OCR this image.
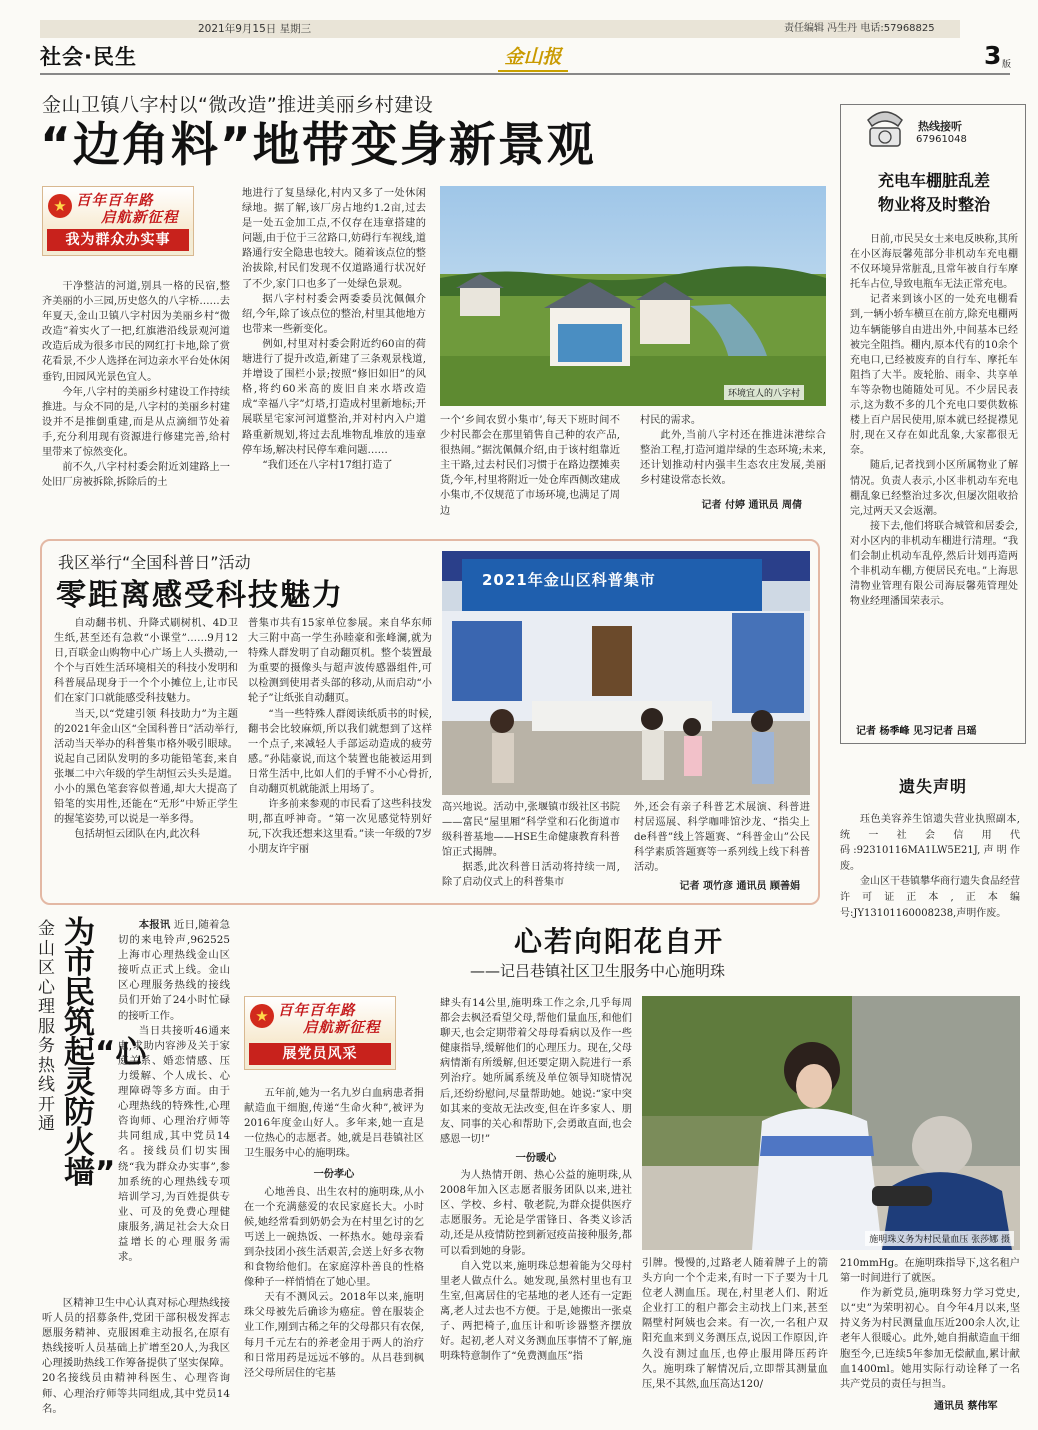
2021年9月15日 星期三	责任编辑 冯生丹 电话:57968825
社会·民生	金山报	3 版
金山卫镇八字村以“微改造”推进美丽乡村建设
“边角料”地带变身新景观
★ 百年百年路
启航新征程
我为群众办实事

干净整洁的河道,别具一格的民宿,整齐美丽的小三园,历史悠久的八字桥……去年夏天,金山卫镇八字村因为美丽乡村“微改造”着实火了一把,红旗港沿线景观河道改造后成为很多市民的网红打卡地,除了赏花看景,不少人选择在河边亲水平台处休闲垂钓,田园风光景色宜人。

今年,八字村的美丽乡村建设工作持续推进。与众不同的是,八字村的美丽乡村建设并不是推倒重建,而是从点滴细节处着手,充分利用现有资源进行修建完善,给村里带来了惊然变化。

前不久,八字村村委会附近刘建路上一处旧厂房被拆除,拆除后的土

地进行了复垦绿化,村内又多了一处休闲绿地。据了解,该厂房占地约1.2亩,过去是一处五金加工点,不仅存在违章搭建的问题,由于位于三岔路口,妨碍行车视线,道路通行安全隐患也较大。随着该点位的整治拔除,村民们发现不仅道路通行状况好了不少,家门口也多了一处绿色景观。

据八字村村委会两委委员沈佩佩介绍,今年,除了该点位的整治,村里其他地方也带来一些新变化。

例如,村里对村委会附近约60亩的荷塘进行了提升改造,新建了三条观景栈道,并增设了围栏小景;按照“修旧如旧”的风格,将约60米高的废旧自来水塔改造成“幸福八字”灯塔,打造成村里新地标;开展联星宅家河河道整治,并对村内入户道路重新规划,将过去乱堆物乱堆放的违章停车场,解决村民停车难问题……

“我们还在八字村17组打造了

环境宜人的八字村

一个‘乡间农贸小集市’,每天下班时间不少村民都会在那里销售自己种的农产品,很热闹。”据沈佩佩介绍,由于该村组靠近主干路,过去村民们习惯于在路边摆摊卖货,今年,村里将附近一处仓库西侧改建成小集市,不仅规范了市场环境,也满足了周边

村民的需求。

此外,当前八字村还在推进沫港综合整治工程,打造河道岸绿的生态环境;未来,还计划推动村内强丰生态农庄发展,美丽乡村建设常态长效。

记者 付婷 通讯员 周倩

热线接听
67961048
充电车棚脏乱差
物业将及时整治

日前,市民吴女士来电反映称,其所在小区海辰馨苑部分非机动车充电棚不仅环境异常脏乱,且常年被自行车摩托车占位,导致电瓶车无法正常充电。

记者来到该小区的一处充电棚看到,一辆小轿车横亘在前方,除充电棚两边车辆能够自由进出外,中间基本已经被完全阻挡。棚内,原本代有的10余个充电口,已经被废弃的自行车、摩托车阻挡了大半。废轮胎、雨伞、共享单车等杂物也随随处可见。不少居民表示,这为数不多的几个充电口要供数栋楼上百户居民使用,原本就已经捉襟见肘,现在又存在如此乱象,大家都很无奈。

随后,记者找到小区所属物业了解情况。负责人表示,小区非机动车充电棚乱象已经整治过多次,但屡次阻收拾完,过两天又会返潮。

接下去,他们将联合城管和居委会,对小区内的非机动车棚进行清理。“我们会制止机动车乱停,然后计划再造两个非机动车棚,方便居民充电。”上海思清物业管理有限公司海辰馨苑管理处物业经理潘国荣表示。

记者 杨季峰 见习记者 吕瑶
遗失声明

珏色美容养生馆遗失营业执照副本,统一社会信用代码:92310116MA1LW5E21J,声明作废。

金山区干巷镇攀华商行遗失食品经营许可证正本,正本编号:JY13101160008238,声明作废。

我区举行“全国科普日”活动
零距离感受科技魅力	2021年金山区科普集市

自动翻书机、升降式刷树机、4D卫生纸,甚至还有急救“小课堂”……9月12日,百联金山购物中心广场上人头攒动,一个个与百姓生活环境相关的科技小发明和科普展品现身于一个个小摊位上,让市民们在家门口就能感受科技魅力。

当天,以“党建引领 科技助力”为主题的2021年金山区“全国科普日”活动举行,活动当天举办的科普集市格外吸引眼球。说起自己团队发明的多功能铅笔套,来自张堰二中六年级的学生胡恒云头头是道。小小的黑色笔套容似普通,却大大提高了铅笔的实用性,还能在“无形”中矫正学生的握笔姿势,可以说是一举多得。

包括胡恒云团队在内,此次科

普集市共有15家单位参展。来自华东师大三附中高一学生孙睦豪和张峰澜,就为特殊人群发明了自动翻页机。整个装置最为重要的摄像头与超声波传感器组件,可以检测到使用者头部的移动,从而启动“小轮子”让纸张自动翻页。

“当一些特殊人群阅读纸质书的时候,翻书会比较麻烦,所以我们就想到了这样一个点子,来减轻人手部运动造成的疲劳感。”孙陆豪说,而这个装置也能被运用到日常生活中,比如人们的手臂不小心骨折,自动翻页机就能派上用场了。

许多前来参观的市民看了这些科技发明,都直呼神奇。“第一次见感觉特别好玩,下次我还想来这里看。”读一年级的7岁小朋友许宇丽

高兴地说。活动中,张堰镇市级社区书院——富民“屋里厢”科学堂和石化街道市级科普基地——HSE生命健康教育科普馆正式揭牌。

据悉,此次科普日活动将持续一周,除了启动仪式上的科普集市

外,还会有亲子科普艺术展演、科普进村居巡展、科学咖啡馆沙龙、“指尖上de科普”线上答题赛、“科普金山”公民科学素质答题赛等一系列线上线下科普活动。

记者 项竹彦 通讯员 顾善娟

金山区心理服务热线开通
为市民筑起“心灵防火墙”

本报讯 近日,随着急切的来电铃声,962525上海市心理热线金山区接听点正式上线。金山区心理服务热线的接线员们开始了24小时忙碌的接听工作。

当日共接听46通来电,求助内容涉及关于家庭关系、婚恋情感、压力缓解、个人成长、心理障碍等多方面。由于心理热线的特殊性,心理咨询师、心理治疗师等共同组成,其中党员14名。接线员们切实围绕“我为群众办实事”,参加系统的心理热线专项培训学习,为百姓提供专业、可及的免费心理健康服务,满足社会大众日益增长的心理服务需求。

区精神卫生中心认真对标心理热线接听人员的招募条件,党团干部积极发挥志愿服务精神、克服困难主动报名,在原有热线接听人员基础上扩增至20人,为我区心理援助热线工作筹备提供了坚实保障。20名接线员由精神科医生、心理咨询师、心理治疗师等共同组成,其中党员14名。

心若向阳花自开
——记吕巷镇社区卫生服务中心施明珠
★ 百年百年路
启航新征程
展党员风采

五年前,她为一名九岁白血病患者捐献造血干细胞,传递“生命火种”,被评为2016年度金山好人。多年来,她一直是一位热心的志愿者。她,就是吕巷镇社区卫生服务中心的施明珠。

一份孝心

心地善良、出生农村的施明珠,从小在一个充满慈爱的农民家庭长大。小时候,她经常看到奶奶会为在村里乞讨的乞丐送上一碗热饭、一杯热水。她母亲看到杂技团小孩生活艰苦,会送上好多衣物和食物给他们。在家庭淳朴善良的性格像种子一样悄悄在了她心里。

天有不测风云。2018年以来,施明珠父母被先后确诊为癌症。曾在服装企业工作,刚到古稀之年的父母都只有农保,每月千元左右的养老金用于两人的治疗和日常用药是远远不够的。从吕巷到枫泾父母所居住的宅基

肆头有14公里,施明珠工作之余,几乎每周都会去枫泾看望父母,帮他们量血压,和他们聊天,也会定期带着父母母看病以及作一些健康指导,缓解他们的心理压力。现在,父母病情渐有所缓解,但还要定期入院进行一系列治疗。她所属系统及单位领导知晓情况后,还纷纷慰问,尽量帮助她。她说:“家中突如其来的变故无法改变,但在许多家人、朋友、同事的关心和帮助下,会勇敢直面,也会感恩一切!”

一份暖心

为人热情开朗、热心公益的施明珠,从2008年加入区志愿者服务团队以来,进社区、学校、乡村、敬老院,为群众提供医疗志愿服务。无论是学雷锋日、各类义诊活动,还是从疫情防控到新冠疫苗接种服务,都可以看到她的身影。

自入党以来,施明珠总想着能为父母村里老人做点什么。她发现,虽然村里也有卫生室,但离居住的宅基地的老人还有一定距离,老人过去也不方便。于是,她搬出一张桌子、两把椅子,血压计和听诊器整齐摆放好。起初,老人对义务测血压事情不了解,施明珠特意制作了“免费测血压”指

施明珠义务为村民量血压 张莎娜 摄

引牌。慢慢的,过路老人随着牌子上的箭头方向一个个走来,有时一下子要为十几位老人测血压。现在,村里老人们、附近企业打工的租户都会主动找上门来,甚至隔壁村阿姨也会来。有一次,一名租户双阳充血来到义务测压点,说因工作原因,许久没有测过血压,也停止服用降压药许久。施明珠了解情况后,立即帮其测量血压,果不其然,血压高达120/

210mmHg。在施明珠指导下,这名租户第一时间进行了就医。

作为新党员,施明珠努力学习党史,以“史”为荣明初心。自今年4月以来,坚持义务为村民测量血压近200余人次,让老年人很暖心。此外,她自捐献造血干细胞至今,已连续5年参加无偿献血,累计献血1400ml。她用实际行动诠释了一名共产党员的责任与担当。

通讯员 蔡伟军
